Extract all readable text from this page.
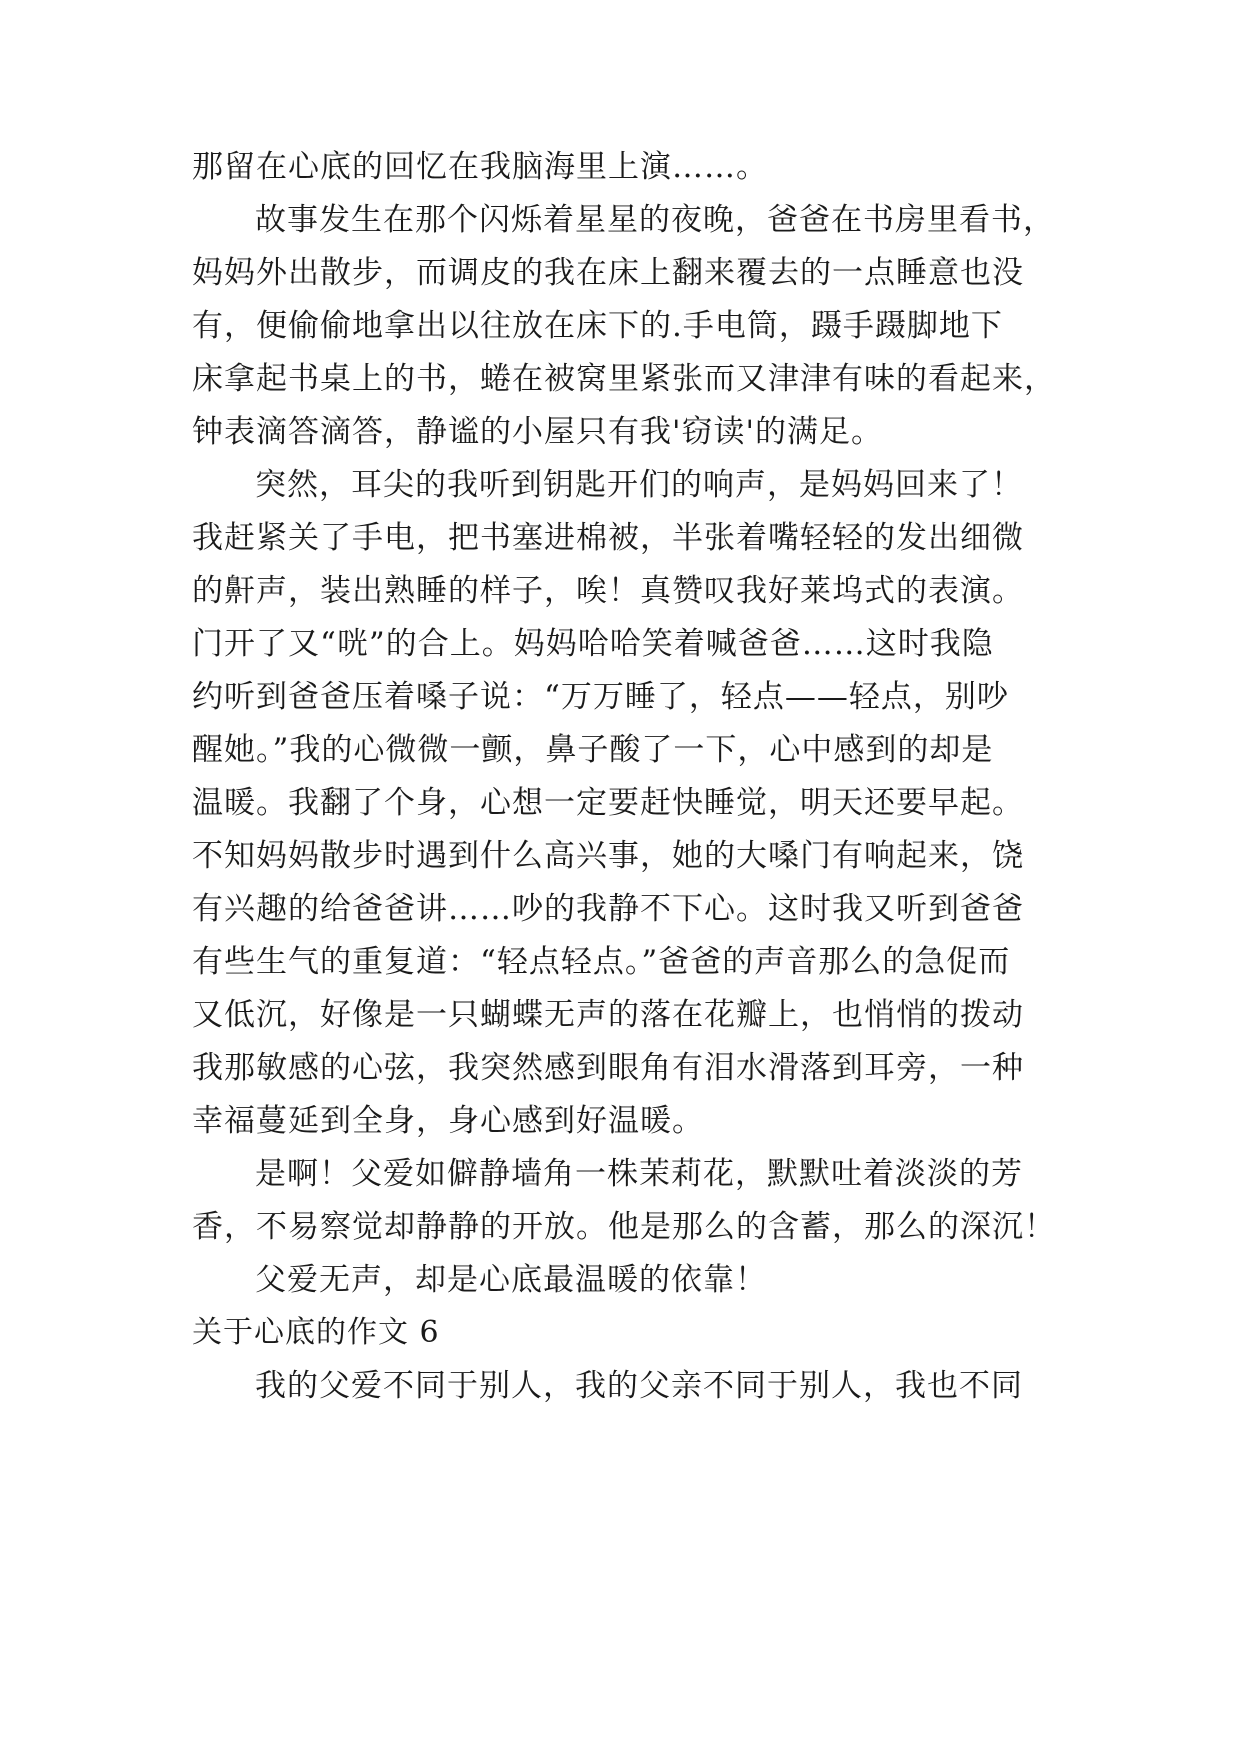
那留在心底的回忆在我脑海里上演……。
故事发生在那个闪烁着星星的夜晚，爸爸在书房里看书，
妈妈外出散步，而调皮的我在床上翻来覆去的一点睡意也没
有，便偷偷地拿出以往放在床下的.手电筒，蹑手蹑脚地下
床拿起书桌上的书，蜷在被窝里紧张而又津津有味的看起来，
钟表滴答滴答，静谧的小屋只有我'窃读'的满足。
突然，耳尖的我听到钥匙开们的响声，是妈妈回来了！
我赶紧关了手电，把书塞进棉被，半张着嘴轻轻的发出细微
的鼾声，装出熟睡的样子，唉！真赞叹我好莱坞式的表演。
门开了又“咣”的合上。妈妈哈哈笑着喊爸爸……这时我隐
约听到爸爸压着嗓子说：“万万睡了，轻点——轻点，别吵
醒她。”我的心微微一颤，鼻子酸了一下，心中感到的却是
温暖。我翻了个身，心想一定要赶快睡觉，明天还要早起。
不知妈妈散步时遇到什么高兴事，她的大嗓门有响起来，饶
有兴趣的给爸爸讲……吵的我静不下心。这时我又听到爸爸
有些生气的重复道：“轻点轻点。”爸爸的声音那么的急促而
又低沉，好像是一只蝴蝶无声的落在花瓣上，也悄悄的拨动
我那敏感的心弦，我突然感到眼角有泪水滑落到耳旁，一种
幸福蔓延到全身，身心感到好温暖。
是啊！父爱如僻静墙角一株茉莉花，默默吐着淡淡的芳
香，不易察觉却静静的开放。他是那么的含蓄，那么的深沉！
父爱无声，却是心底最温暖的依靠！
关于心底的作文 6
我的父爱不同于别人，我的父亲不同于别人，我也不同
